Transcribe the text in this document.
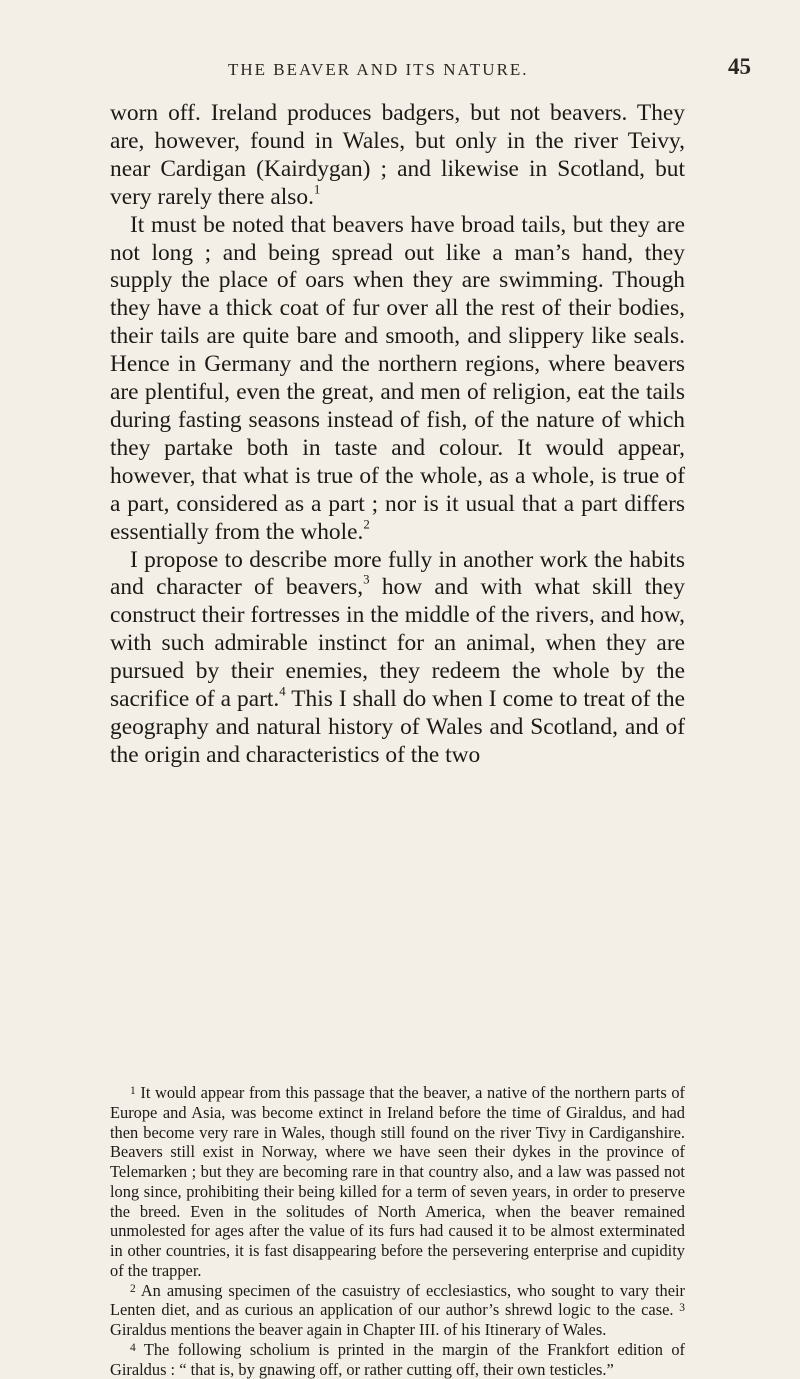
THE BEAVER AND ITS NATURE.	45

worn off. Ireland produces badgers, but not beavers. They are, however, found in Wales, but only in the river Teivy, near Cardigan (Kairdygan) ; and likewise in Scotland, but very rarely there also.$^1$

It must be noted that beavers have broad tails, but they are not long ; and being spread out like a man’s hand, they supply the place of oars when they are swimming. Though they have a thick coat of fur over all the rest of their bodies, their tails are quite bare and smooth, and slippery like seals. Hence in Germany and the northern regions, where beavers are plentiful, even the great, and men of religion, eat the tails during fasting seasons instead of fish, of the nature of which they partake both in taste and colour. It would appear, however, that what is true of the whole, as a whole, is true of a part, considered as a part ; nor is it usual that a part differs essentially from the whole.$^2$

I propose to describe more fully in another work the habits and character of beavers,$^3$ how and with what skill they construct their fortresses in the middle of the rivers, and how, with such admirable instinct for an animal, when they are pursued by their enemies, they redeem the whole by the sacrifice of a part.$^4$ This I shall do when I come to treat of the geography and natural history of Wales and Scotland, and of the origin and characteristics of the two

$^1$ It would appear from this passage that the beaver, a native of the northern parts of Europe and Asia, was become extinct in Ireland before the time of Giraldus, and had then become very rare in Wales, though still found on the river Tivy in Cardiganshire. Beavers still exist in Norway, where we have seen their dykes in the province of Telemarken ; but they are becoming rare in that country also, and a law was passed not long since, prohibiting their being killed for a term of seven years, in order to preserve the breed. Even in the solitudes of North America, when the beaver remained unmolested for ages after the value of its furs had caused it to be almost exterminated in other countries, it is fast disappearing before the persevering enterprise and cupidity of the trapper.

$^2$ An amusing specimen of the casuistry of ecclesiastics, who sought to vary their Lenten diet, and as curious an application of our author’s shrewd logic to the case. $^3$ Giraldus mentions the beaver again in Chapter III. of his Itinerary of Wales.

$^4$ The following scholium is printed in the margin of the Frankfort edition of Giraldus : “ that is, by gnawing off, or rather cutting off, their own testicles.”
